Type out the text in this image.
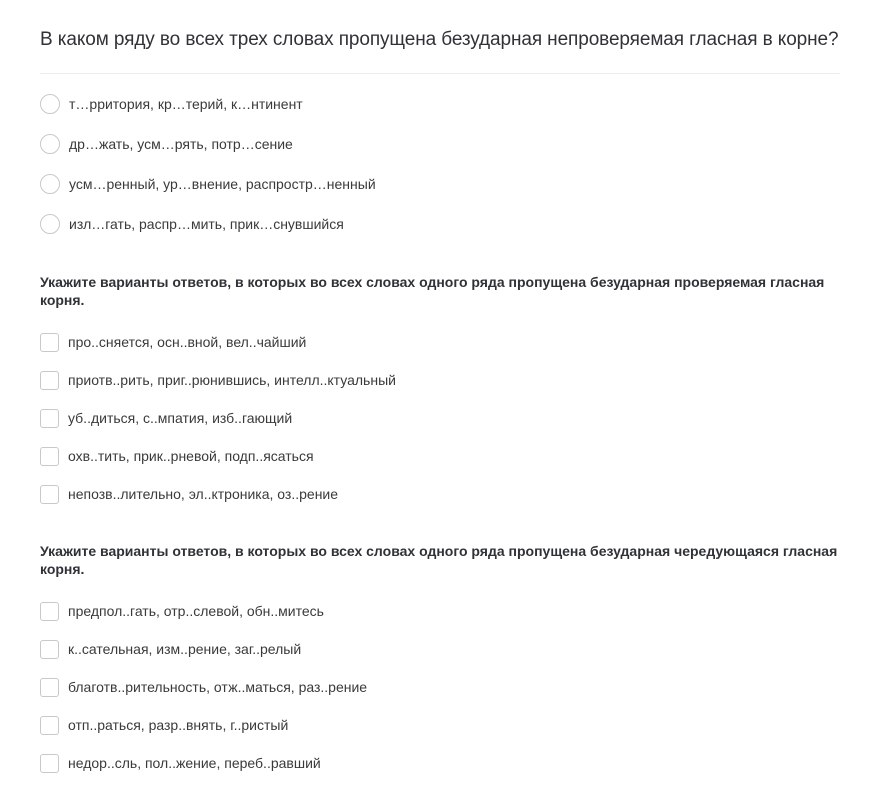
В каком ряду во всех трех словах пропущена безударная непроверяемая гласная в корне?
т…рритория, кр…терий, к…нтинент
др…жать, усм…рять, потр…сение
усм…ренный, ур…внение, распростр…ненный
изл…гать, распр…мить, прик…снувшийся
Укажите варианты ответов, в которых во всех словах одного ряда пропущена безударная проверяемая гласная корня.
про..сняется, осн..вной, вел..чайший
приотв..рить, приг..рюнившись, интелл..ктуальный
уб..диться, с..мпатия, изб..гающий
охв..тить, прик..рневой, подп..ясаться
непозв..лительно, эл..ктроника, оз..рение
Укажите варианты ответов, в которых во всех словах одного ряда пропущена безударная чередующаяся гласная корня.
предпол..гать, отр..слевой, обн..митесь
к..сательная, изм..рение, заг..релый
благотв..рительность, отж..маться, раз..рение
отп..раться, разр..внять, г..ристый
недор..сль, пол..жение, переб..равший
